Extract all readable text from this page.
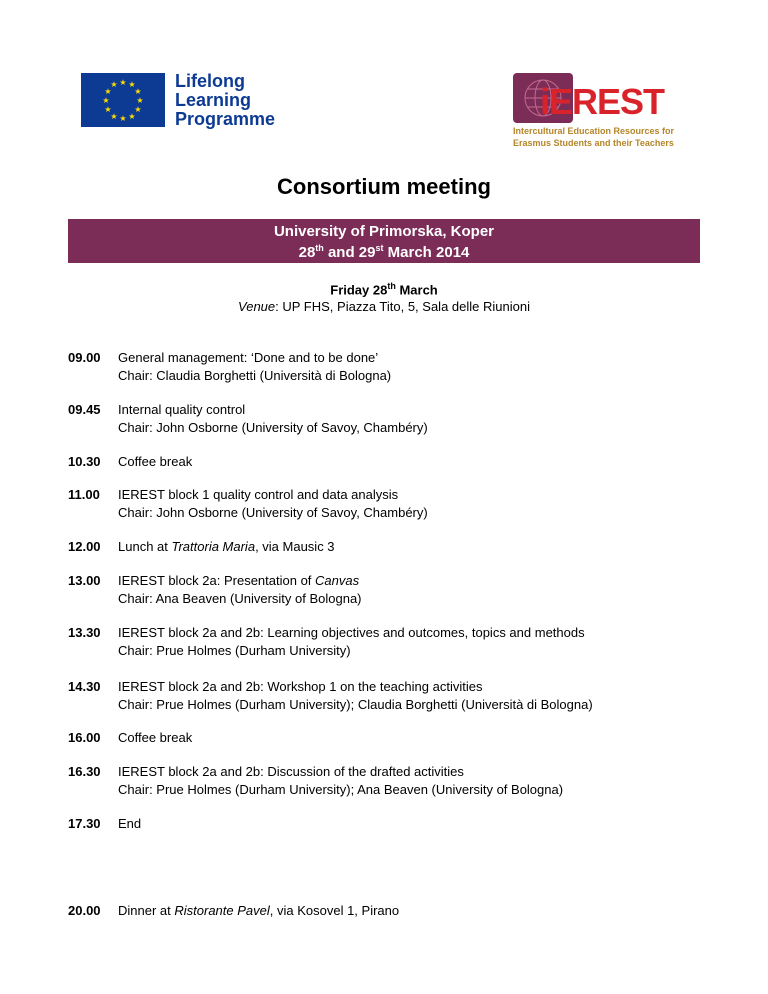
★ ★
★
★
★
★
★
★
★
★
★
★	Lifelong
Learning
Programme	iEREST
Intercultural Education Resources for
Erasmus Students and their Teachers
Consortium meeting
University of Primorska, Koper
28th and 29st March 2014
Friday 28th March
Venue: UP FHS, Piazza Tito, 5, Sala delle Riunioni
09.00 General management: ‘Done and to be done’
Chair: Claudia Borghetti (Università di Bologna)
09.45 Internal quality control
Chair: John Osborne (University of Savoy, Chambéry)
10.30 Coffee break
11.00 IEREST block 1 quality control and data analysis
Chair: John Osborne (University of Savoy, Chambéry)
12.00 Lunch at Trattoria Maria, via Mausic 3
13.00 IEREST block 2a: Presentation of Canvas
Chair: Ana Beaven (University of Bologna)
13.30 IEREST block 2a and 2b: Learning objectives and outcomes, topics and methods
Chair: Prue Holmes (Durham University)
14.30 IEREST block 2a and 2b: Workshop 1 on the teaching activities
Chair: Prue Holmes (Durham University); Claudia Borghetti (Università di Bologna)
16.00 Coffee break
16.30 IEREST block 2a and 2b: Discussion of the drafted activities
Chair: Prue Holmes (Durham University); Ana Beaven (University of Bologna)
17.30 End
20.00 Dinner at Ristorante Pavel, via Kosovel 1, Pirano
